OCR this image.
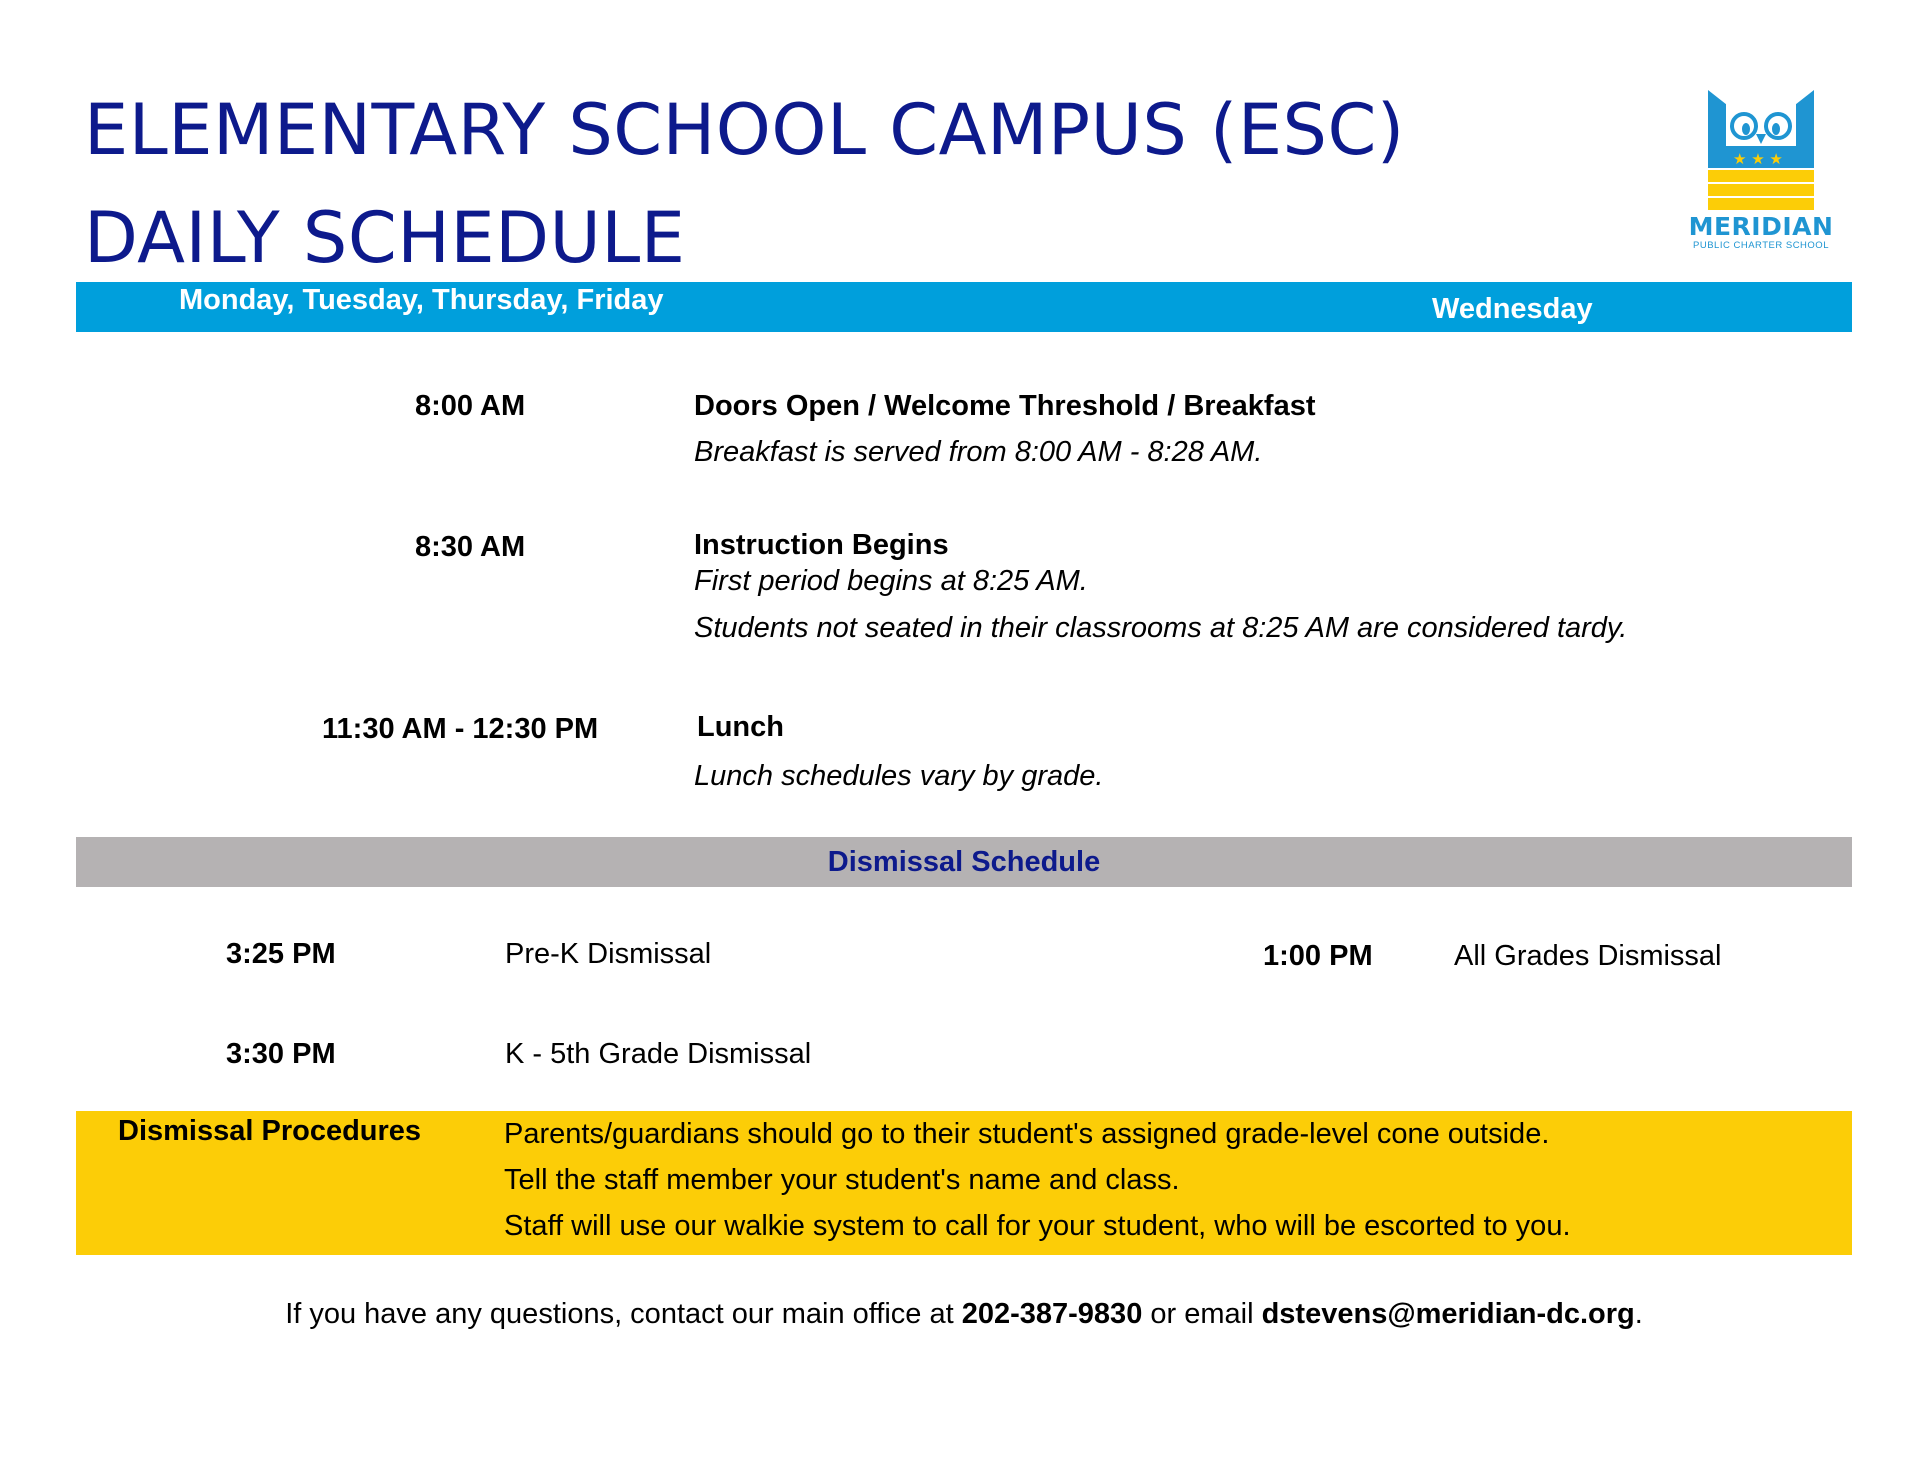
ELEMENTARY SCHOOL CAMPUS (ESC)
DAILY SCHEDULE
★ ★ ★
MERIDIAN
PUBLIC CHARTER SCHOOL
Monday, Tuesday, Thursday, Friday	Wednesday
8:00 AM	Doors Open / Welcome Threshold / Breakfast
Breakfast is served from 8:00 AM - 8:28 AM.
8:30 AM	Instruction Begins
First period begins at 8:25 AM.
Students not seated in their classrooms at 8:25 AM are considered tardy.
11:30 AM - 12:30 PM	Lunch
Lunch schedules vary by grade.
Dismissal Schedule
3:25 PM	Pre-K Dismissal	1:00 PM	All Grades Dismissal
3:30 PM	K - 5th Grade Dismissal
Dismissal Procedures	Parents/guardians should go to their student's assigned grade-level cone outside.
Tell the staff member your student's name and class.
Staff will use our walkie system to call for your student, who will be escorted to you.
If you have any questions, contact our main office at 202-387-9830 or email dstevens@meridian-dc.org.
